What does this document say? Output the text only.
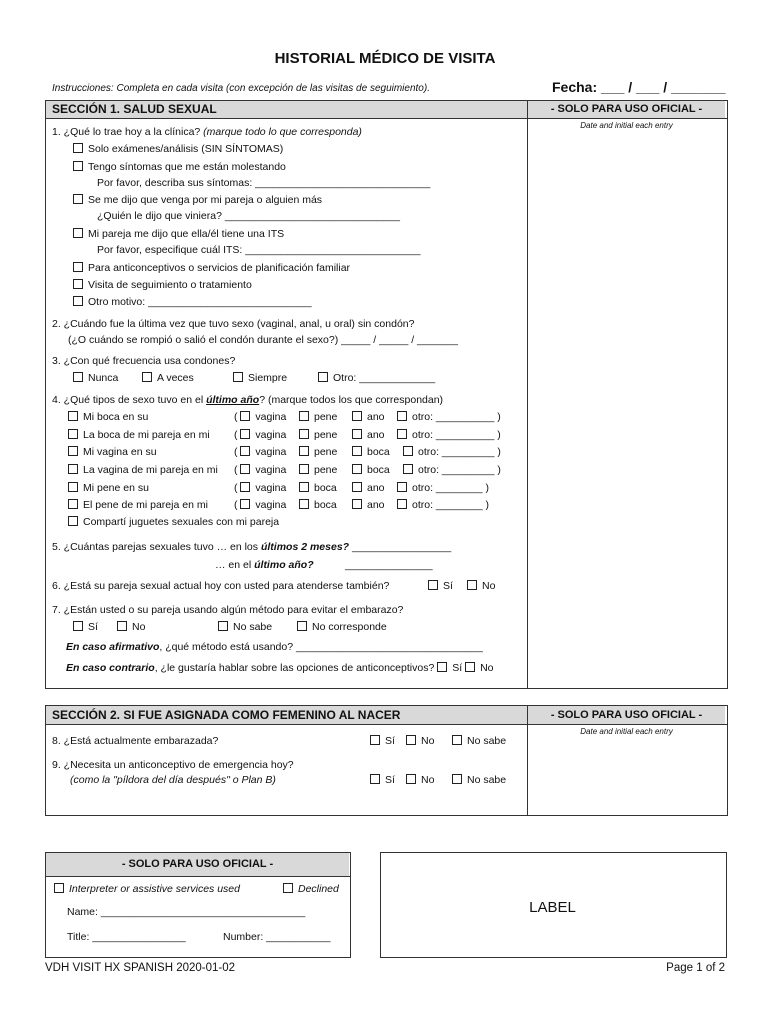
HISTORIAL MÉDICO DE VISITA
Instrucciones: Completa en cada visita (con excepción de las visitas de seguimiento).	Fecha: ___ / ___ / _______
SECCIÓN 1. SALUD SEXUAL	- SOLO PARA USO OFICIAL -
Date and initial each entry
1. ¿Qué lo trae hoy a la clínica? (marque todo lo que corresponda)
Solo exámenes/análisis (SIN SÍNTOMAS)
Tengo síntomas que me están molestando
Por favor, describa sus síntomas: ______________________________
Se me dijo que venga por mi pareja o alguien más
¿Quién le dijo que viniera? ______________________________
Mi pareja me dijo que ella/él tiene una ITS
Por favor, especifique cuál ITS: ______________________________
Para anticonceptivos o servicios de planificación familiar
Visita de seguimiento o tratamiento
Otro motivo: ____________________________
2. ¿Cuándo fue la última vez que tuvo sexo (vaginal, anal, u oral) sin condón?
(¿O cuándo se rompió o salió el condón durante el sexo?) _____ / _____ / _______
3. ¿Con qué frecuencia usa condones?
Nunca	A veces	Siempre	Otro: _____________
4. ¿Qué tipos de sexo tuvo en el último año? (marque todos los que correspondan)
Mi boca en su	( vagina	pene	ano	otro: __________ )
La boca de mi pareja en mi ( vagina	pene	ano	otro: __________ )
Mi vagina en su	( vagina	pene	boca	otro: _________ )
La vagina de mi pareja en mi ( vagina	pene	boca	otro: _________ )
Mi pene en su	( vagina	boca	ano	otro: ________ )
El pene de mi pareja en mi ( vagina	boca	ano	otro: ________ )
Compartí juguetes sexuales con mi pareja
5. ¿Cuántas parejas sexuales tuvo … en los últimos 2 meses? _________________
… en el último año?	_______________
6. ¿Está su pareja sexual actual hoy con usted para atenderse también?	Sí	No
7. ¿Están usted o su pareja usando algún método para evitar el embarazo?
Sí	No	No sabe	No corresponde
En caso afirmativo, ¿qué método está usando? ________________________________
En caso contrario, ¿le gustaría hablar sobre las opciones de anticonceptivos? Sí No
SECCIÓN 2. SI FUE ASIGNADA COMO FEMENINO AL NACER	- SOLO PARA USO OFICIAL -
Date and initial each entry
8. ¿Está actualmente embarazada?	Sí	No	No sabe
9. ¿Necesita un anticonceptivo de emergencia hoy?
(como la "píldora del día después" o Plan B)	Sí	No	No sabe
- SOLO PARA USO OFICIAL -
Interpreter or assistive services used	Declined
Name: ___________________________________
Title: ________________	Number: ___________
LABEL
VDH VISIT HX SPANISH 2020-01-02	Page 1 of 2
